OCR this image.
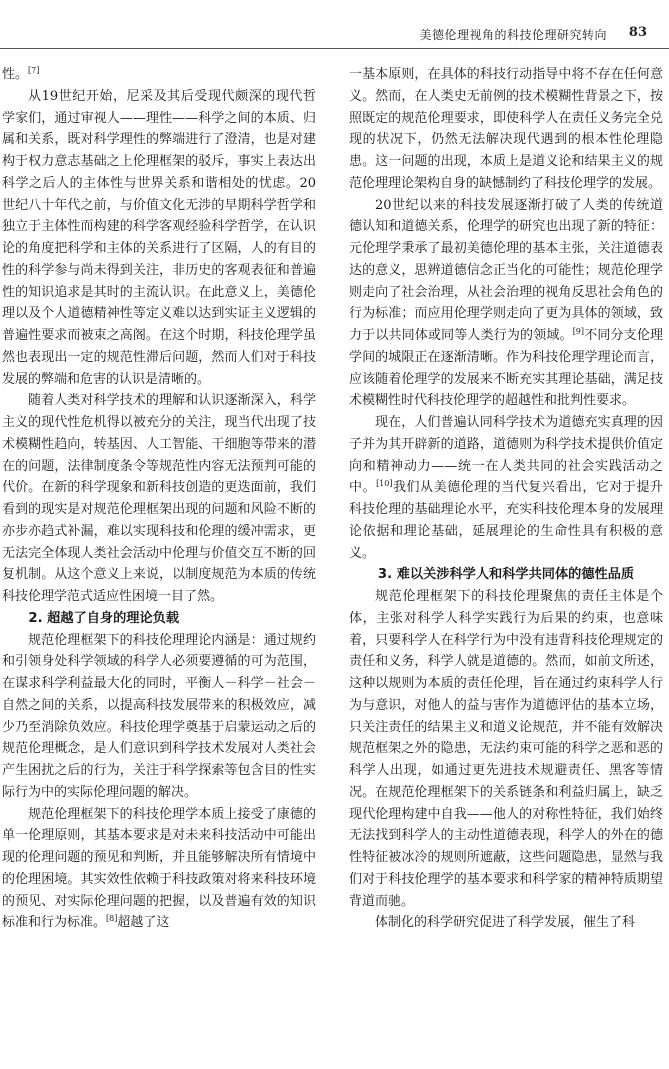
美德伦理视角的科技伦理研究转向 83

性。[7]

从19世纪开始，尼采及其后受现代颇深的现代哲学家们，通过审视人——理性——科学之间的本质、归属和关系，既对科学理性的弊端进行了澄清，也是对建构于权力意志基础之上伦理框架的驳斥，事实上表达出科学之后人的主体性与世界关系和谐相处的忧虑。20世纪八十年代之前，与价值文化无涉的早期科学哲学和独立于主体性而构建的科学客观经验科学哲学，在认识论的角度把科学和主体的关系进行了区隔，人的有目的性的科学参与尚未得到关注，非历史的客观表征和普遍性的知识追求是其时的主流认识。在此意义上，美德伦理以及个人道德精神性等定义难以达到实证主义逻辑的普遍性要求而被束之高阁。在这个时期，科技伦理学虽然也表现出一定的规范性滞后问题，然而人们对于科技发展的弊端和危害的认识是清晰的。

随着人类对科学技术的理解和认识逐渐深入，科学主义的现代性危机得以被充分的关注，现当代出现了技术模糊性趋向，转基因、人工智能、干细胞等带来的潜在的问题，法律制度条令等规范性内容无法预判可能的代价。在新的科学现象和新科技创造的更迭面前，我们看到的现实是对规范伦理框架出现的问题和风险不断的亦步亦趋式补漏，难以实现科技和伦理的缓冲需求，更无法完全体现人类社会活动中伦理与价值交互不断的回复机制。从这个意义上来说，以制度规范为本质的传统科技伦理学范式适应性困境一目了然。

2. 超越了自身的理论负载

规范伦理框架下的科技伦理理论内涵是：通过规约和引领身处科学领域的科学人必须要遵循的可为范围，在谋求科学利益最大化的同时，平衡人－科学－社会－自然之间的关系，以提高科技发展带来的积极效应，减少乃至消除负效应。科技伦理学奠基于启蒙运动之后的规范伦理概念，是人们意识到科学技术发展对人类社会产生困扰之后的行为，关注于科学探索等包含目的性实际行为中的实际伦理问题的解决。

规范伦理框架下的科技伦理学本质上接受了康德的单一伦理原则，其基本要求是对未来科技活动中可能出现的伦理问题的预见和判断，并且能够解决所有情境中的伦理困境。其实效性依赖于科技政策对将来科技环境的预见、对实际伦理问题的把握，以及普遍有效的知识标准和行为标准。[8]超越了这

一基本原则，在具体的科技行动指导中将不存在任何意义。然而，在人类史无前例的技术模糊性背景之下，按照既定的规范伦理要求，即使科学人在责任义务完全兑现的状况下，仍然无法解决现代遇到的根本性伦理隐患。这一问题的出现，本质上是道义论和结果主义的规范伦理理论架构自身的缺憾制约了科技伦理学的发展。

20世纪以来的科技发展逐渐打破了人类的传统道德认知和道德关系，伦理学的研究也出现了新的特征：元伦理学秉承了最初美德伦理的基本主张，关注道德表达的意义，思辨道德信念正当化的可能性；规范伦理学则走向了社会治理，从社会治理的视角反思社会角色的行为标准；而应用伦理学则走向了更为具体的领域，致力于以共同体或同等人类行为的领域。[9]不同分支伦理学间的城限正在逐渐清晰。作为科技伦理学理论而言，应该随着伦理学的发展来不断充实其理论基础，满足技术模糊性时代科技伦理学的超越性和批判性要求。

现在，人们普遍认同科学技术为道德充实真理的因子并为其开辟新的道路，道德则为科学技术提供价值定向和精神动力——统一在人类共同的社会实践活动之中。[10]我们从美德伦理的当代复兴看出，它对于提升科技伦理的基础理论水平，充实科技伦理本身的发展理论依据和理论基础，延展理论的生命性具有积极的意义。

3. 难以关涉科学人和科学共同体的德性品质

规范伦理框架下的科技伦理聚焦的责任主体是个体，主张对科学人科学实践行为后果的约束，也意味着，只要科学人在科学行为中没有违背科技伦理规定的责任和义务，科学人就是道德的。然而，如前文所述，这种以规则为本质的责任伦理，旨在通过约束科学人行为与意识，对他人的益与害作为道德评估的基本立场，只关注责任的结果主义和道义论规范，并不能有效解决规范框架之外的隐患，无法约束可能的科学之恶和恶的科学人出现，如通过更先进技术规避责任、黑客等情况。在规范伦理框架下的关系链条和利益归属上，缺乏现代伦理构建中自我——他人的对称性特征，我们始终无法找到科学人的主动性道德表现，科学人的外在的德性特征被冰冷的规则所遮蔽，这些问题隐患，显然与我们对于科技伦理学的基本要求和科学家的精神特质期望背道而驰。

体制化的科学研究促进了科学发展，催生了科
